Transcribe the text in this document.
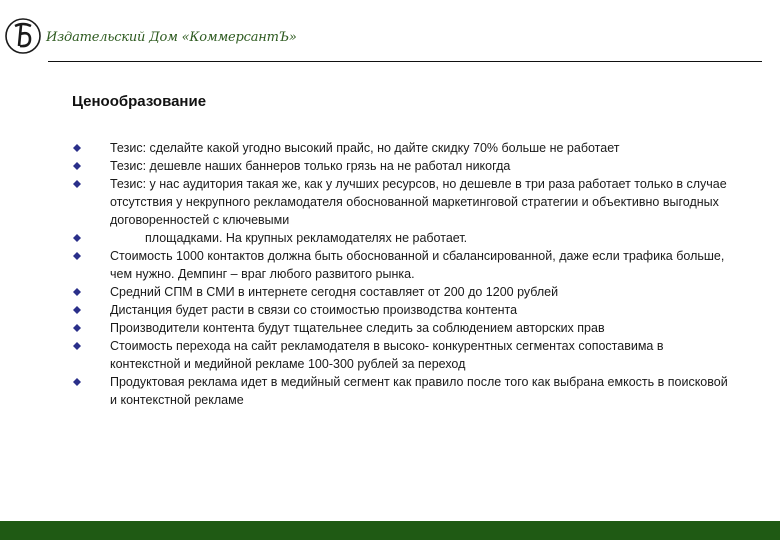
Издательский Дом «КоммерсантЪ»
Ценообразование
Тезис: сделайте какой угодно высокий прайс, но дайте скидку 70% больше не работает
Тезис: дешевле наших баннеров только грязь на не работал никогда
Тезис: у нас аудитория такая же, как у лучших ресурсов, но дешевле в три раза работает только в случае отсутствия у некрупного рекламодателя обоснованной маркетинговой стратегии и объективно выгодных договоренностей с ключевыми
площадками. На крупных рекламодателях не работает.
Стоимость 1000 контактов должна быть обоснованной и сбалансированной, даже если трафика больше, чем нужно. Демпинг – враг любого развитого рынка.
Средний СПМ в СМИ в интернете сегодня составляет от 200 до 1200 рублей
Дистанция будет расти в связи со стоимостью производства контента
Производители контента будут тщательнее следить за соблюдением авторских прав
Стоимость перехода на сайт рекламодателя в высоко- конкурентных сегментах сопоставима в контекстной и медийной рекламе 100-300 рублей за переход
Продуктовая реклама идет в медийный сегмент как правило после того как выбрана емкость в поисковой и контекстной рекламе
